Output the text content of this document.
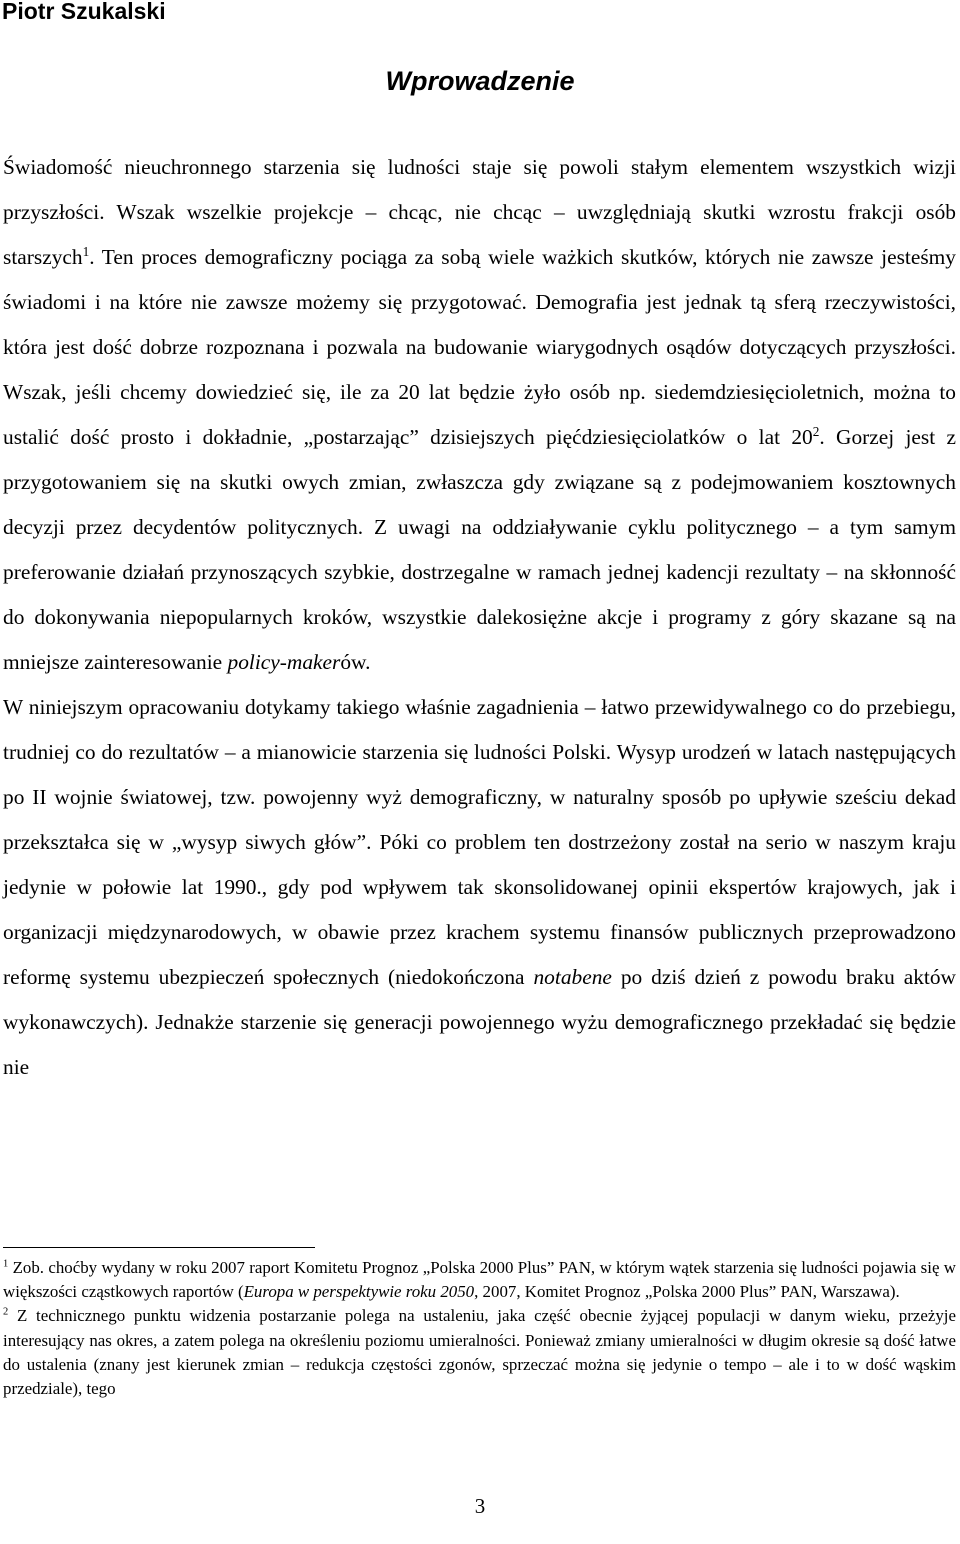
Piotr Szukalski
Wprowadzenie

Świadomość nieuchronnego starzenia się ludności staje się powoli stałym elementem wszystkich wizji przyszłości. Wszak wszelkie projekcje – chcąc, nie chcąc – uwzględniają skutki wzrostu frakcji osób starszych$^1$. Ten proces demograficzny pociąga za sobą wiele ważkich skutków, których nie zawsze jesteśmy świadomi i na które nie zawsze możemy się przygotować. Demografia jest jednak tą sferą rzeczywistości, która jest dość dobrze rozpoznana i pozwala na budowanie wiarygodnych osądów dotyczących przyszłości. Wszak, jeśli chcemy dowiedzieć się, ile za 20 lat będzie żyło osób np. siedemdziesięcioletnich, można to ustalić dość prosto i dokładnie, „postarzając” dzisiejszych pięćdziesięciolatków o lat $20^2$. Gorzej jest z przygotowaniem się na skutki owych zmian, zwłaszcza gdy związane są z podejmowaniem kosztownych decyzji przez decydentów politycznych. Z uwagi na oddziaływanie cyklu politycznego – a tym samym preferowanie działań przynoszących szybkie, dostrzegalne w ramach jednej kadencji rezultaty – na skłonność do dokonywania niepopularnych kroków, wszystkie dalekosiężne akcje i programy z góry skazane są na mniejsze zainteresowanie policy-makerów.

W niniejszym opracowaniu dotykamy takiego właśnie zagadnienia – łatwo przewidywalnego co do przebiegu, trudniej co do rezultatów – a mianowicie starzenia się ludności Polski. Wysyp urodzeń w latach następujących po II wojnie światowej, tzw. powojenny wyż demograficzny, w naturalny sposób po upływie sześciu dekad przekształca się w „wysyp siwych głów”. Póki co problem ten dostrzeżony został na serio w naszym kraju jedynie w połowie lat 1990., gdy pod wpływem tak skonsolidowanej opinii ekspertów krajowych, jak i organizacji międzynarodowych, w obawie przez krachem systemu finansów publicznych przeprowadzono reformę systemu ubezpieczeń społecznych (niedokończona notabene po dziś dzień z powodu braku aktów wykonawczych). Jednakże starzenie się generacji powojennego wyżu demograficznego przekładać się będzie nie

$^1$ Zob. choćby wydany w roku 2007 raport Komitetu Prognoz „Polska 2000 Plus” PAN, w którym wątek starzenia się ludności pojawia się w większości cząstkowych raportów (Europa w perspektywie roku 2050, 2007, Komitet Prognoz „Polska 2000 Plus” PAN, Warszawa).

$^2$ Z technicznego punktu widzenia postarzanie polega na ustaleniu, jaka część obecnie żyjącej populacji w danym wieku, przeżyje interesujący nas okres, a zatem polega na określeniu poziomu umieralności. Ponieważ zmiany umieralności w długim okresie są dość łatwe do ustalenia (znany jest kierunek zmian – redukcja częstości zgonów, sprzeczać można się jedynie o tempo – ale i to w dość wąskim przedziale), tego

3
